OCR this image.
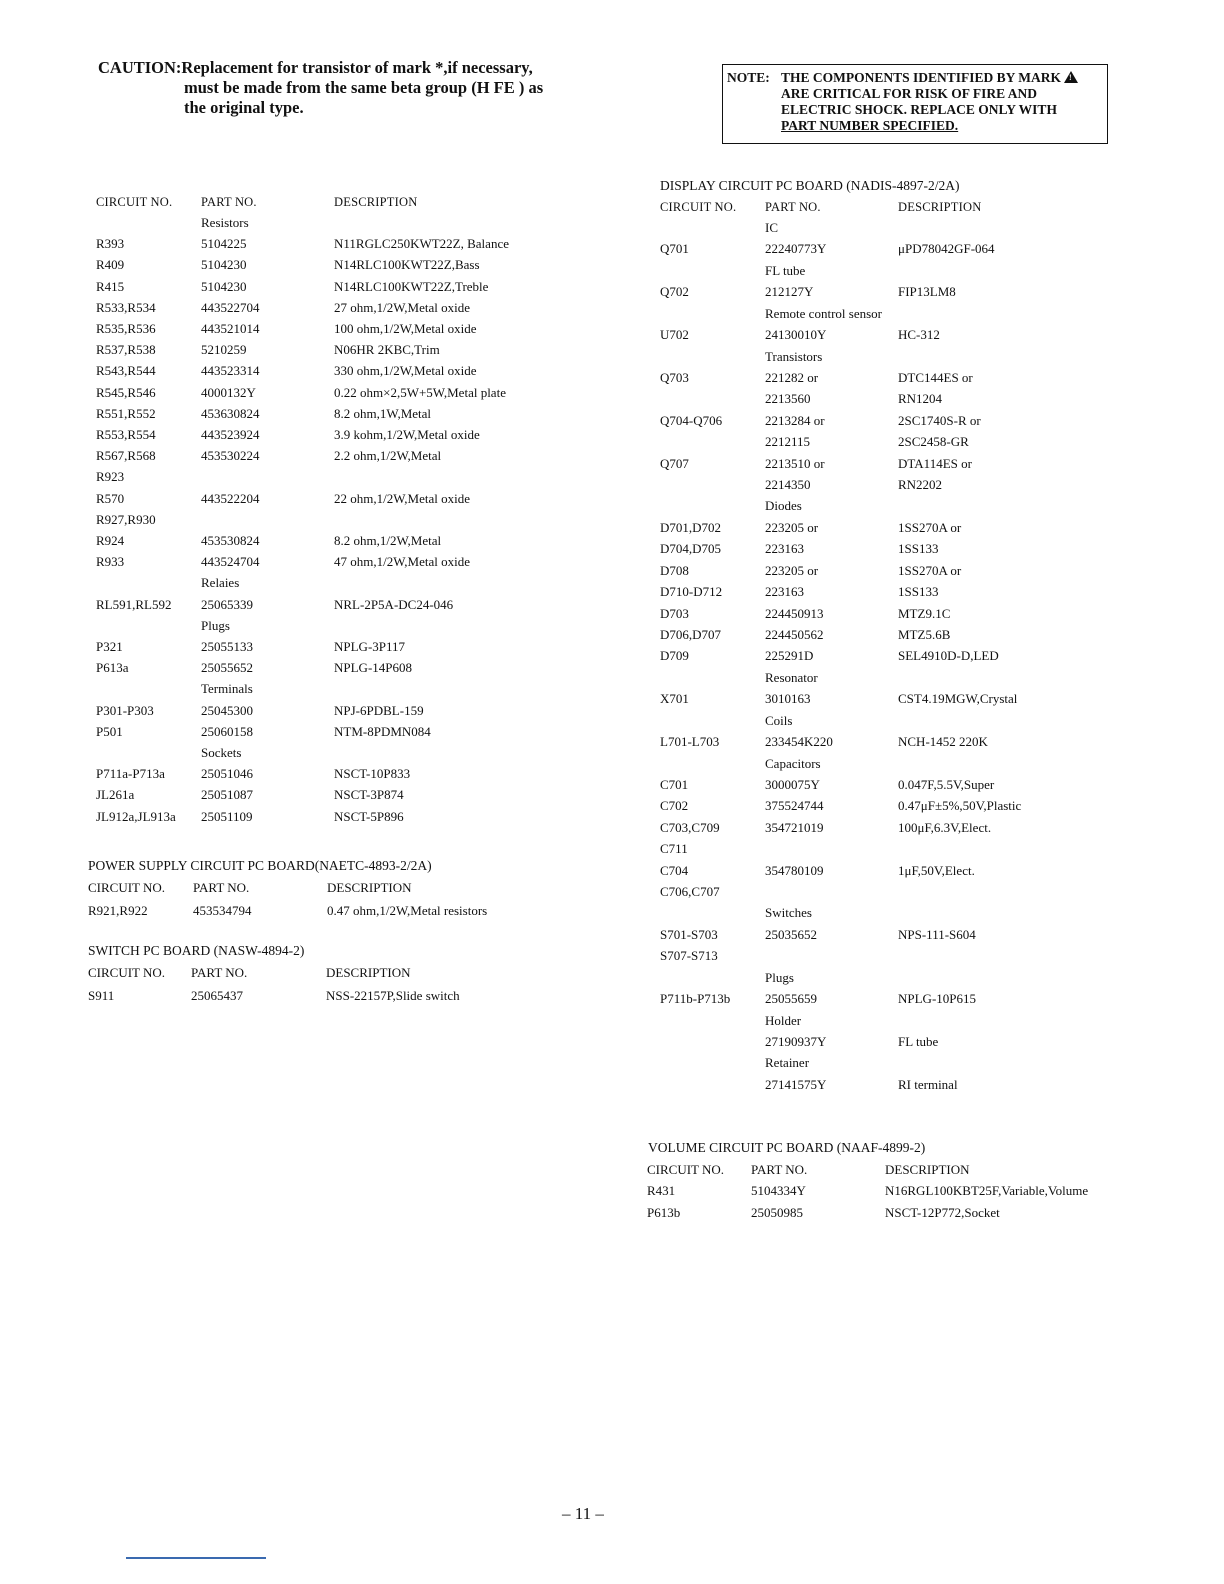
CAUTION:Replacement for transistor of mark *,if necessary,
must be made from the same beta group (H FE ) as
the original type.
NOTE: THE COMPONENTS IDENTIFIED BY MARK!
ARE CRITICAL FOR RISK OF FIRE AND
ELECTRIC SHOCK. REPLACE ONLY WITH
PART NUMBER SPECIFIED.
CIRCUIT NO. PART NO.	DESCRIPTION
Resistors
R393	5104225	N11RGLC250KWT22Z, Balance
R409	5104230	N14RLC100KWT22Z,Bass
R415	5104230	N14RLC100KWT22Z,Treble
R533,R534	443522704	27 ohm,1/2W,Metal oxide
R535,R536	443521014	100 ohm,1/2W,Metal oxide
R537,R538	5210259	N06HR 2KBC,Trim
R543,R544	443523314	330 ohm,1/2W,Metal oxide
R545,R546	4000132Y	0.22 ohm×2,5W+5W,Metal plate
R551,R552	453630824	8.2 ohm,1W,Metal
R553,R554	443523924	3.9 kohm,1/2W,Metal oxide
R567,R568	453530224	2.2 ohm,1/2W,Metal
R923
R570	443522204	22 ohm,1/2W,Metal oxide
R927,R930
R924	453530824	8.2 ohm,1/2W,Metal
R933	443524704	47 ohm,1/2W,Metal oxide
Relaies
RL591,RL592 25065339	NRL-2P5A-DC24-046
Plugs
P321	25055133	NPLG-3P117
P613a	25055652	NPLG-14P608
Terminals
P301-P303	25045300	NPJ-6PDBL-159
P501	25060158	NTM-8PDMN084
Sockets
P711a-P713a	25051046	NSCT-10P833
JL261a	25051087	NSCT-3P874
JL912a,JL913a 25051109	NSCT-5P896
POWER SUPPLY CIRCUIT PC BOARD(NAETC-4893-2/2A)
CIRCUIT NO. PART NO.	DESCRIPTION
R921,R922	453534794	0.47 ohm,1/2W,Metal resistors
SWITCH PC BOARD (NASW-4894-2)
CIRCUIT NO. PART NO.	DESCRIPTION
S911	25065437	NSS-22157P,Slide switch
DISPLAY CIRCUIT PC BOARD (NADIS-4897-2/2A)
CIRCUIT NO. PART NO.	DESCRIPTION
IC
Q701	22240773Y	μPD78042GF-064
FL tube
Q702	212127Y	FIP13LM8
Remote control sensor
U702	24130010Y	HC-312
Transistors
Q703	221282 or	DTC144ES or
2213560	RN1204
Q704-Q706	2213284 or	2SC1740S-R or
2212115	2SC2458-GR
Q707	2213510 or	DTA114ES or
2214350	RN2202
Diodes
D701,D702	223205 or	1SS270A or
D704,D705	223163	1SS133
D708	223205 or	1SS270A or
D710-D712	223163	1SS133
D703	224450913	MTZ9.1C
D706,D707	224450562	MTZ5.6B
D709	225291D	SEL4910D-D,LED
Resonator
X701	3010163	CST4.19MGW,Crystal
Coils
L701-L703	233454K220	NCH-1452 220K
Capacitors
C701	3000075Y	0.047F,5.5V,Super
C702	375524744	0.47μF±5%,50V,Plastic
C703,C709	354721019	100μF,6.3V,Elect.
C711
C704	354780109	1μF,50V,Elect.
C706,C707
Switches
S701-S703	25035652	NPS-111-S604
S707-S713
Plugs
P711b-P713b	25055659	NPLG-10P615
Holder
27190937Y	FL tube
Retainer
27141575Y	RI terminal
VOLUME CIRCUIT PC BOARD (NAAF-4899-2)
CIRCUIT NO. PART NO.	DESCRIPTION
R431	5104334Y	N16RGL100KBT25F,Variable,Volume
P613b	25050985	NSCT-12P772,Socket
– 11 –
